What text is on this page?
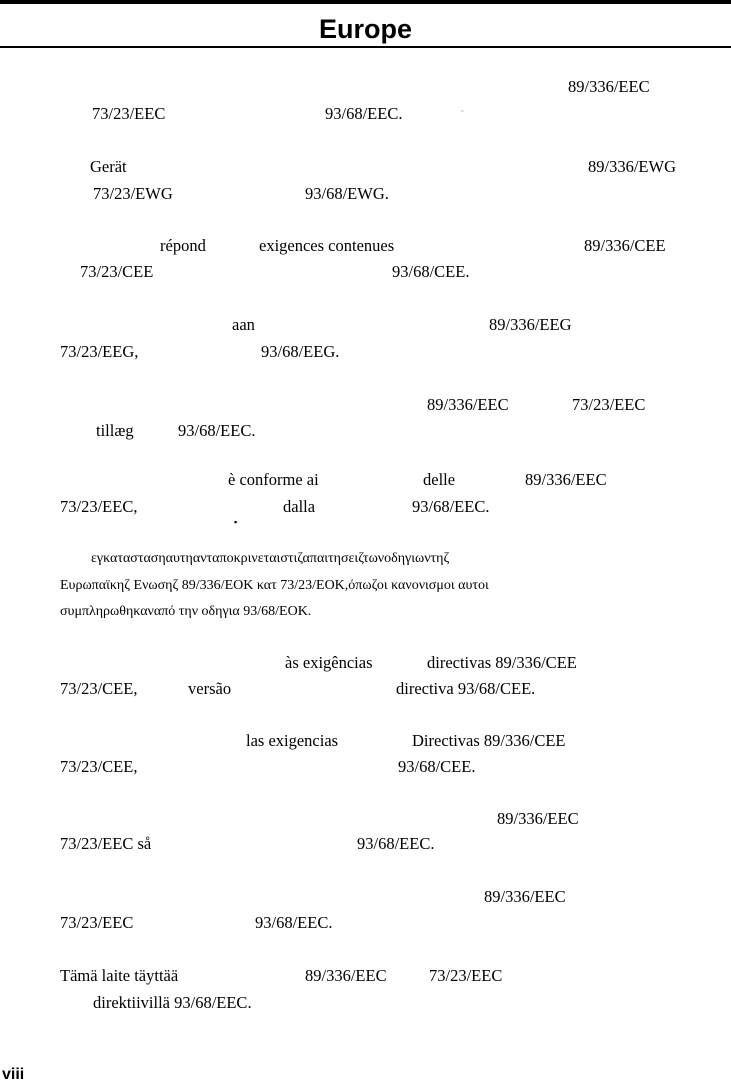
Europe
89/336/EEC
73/23/EEC	93/68/EEC.	ᵕ
Gerät	89/336/EWG
73/23/EWG	93/68/EWG.
répond	exigences contenues	89/336/CEE
73/23/CEE	93/68/CEE.
aan	89/336/EEG
73/23/EEG,	93/68/EEG.
89/336/EEC	73/23/EEC
tillæg	93/68/EEC.
è conforme ai	delle	89/336/EEC
73/23/EEC,	dalla	93/68/EEC.
▪
εγκαταστασηαυτηανταποκρινεταιστιζαπαιτησειζτωνοδηγιωντηζ
Ευρωπαϊκηζ Ενωσηζ 89/336/ΕΟΚ κατ 73/23/ΕΟΚ,όπωζοι κανονισμοι αυτοι
συμπληρωθηκαναπό την οδηγια 93/68/ΕΟΚ.
às exigências	directivas 89/336/CEE
73/23/CEE,	versão	directiva 93/68/CEE.
las exigencias	Directivas 89/336/CEE
73/23/CEE,	93/68/CEE.
89/336/EEC
73/23/EEC så	93/68/EEC.
89/336/EEC
73/23/EEC	93/68/EEC.
Tämä laite täyttää	89/336/EEC	73/23/EEC
direktiivillä 93/68/EEC.
viii
